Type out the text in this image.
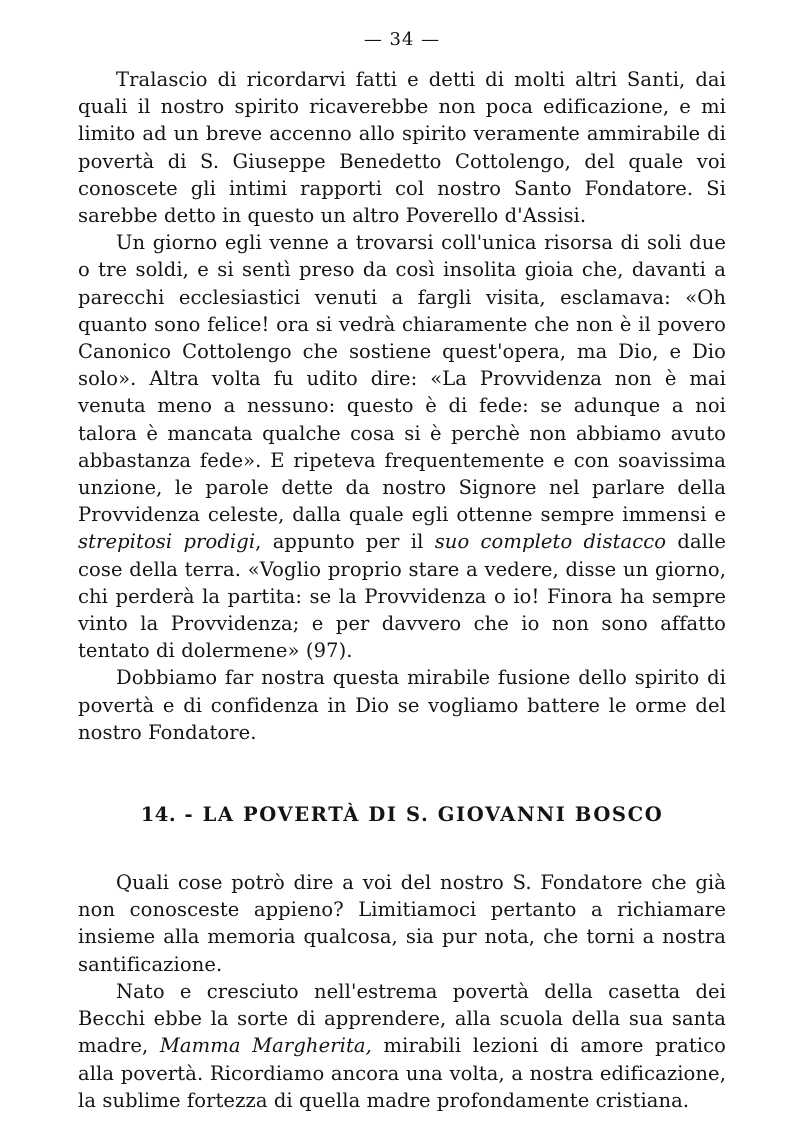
— 34 —

Tralascio di ricordarvi fatti e detti di molti altri Santi, dai quali il nostro spirito ricaverebbe non poca edificazione, e mi limito ad un breve accenno allo spirito veramente ammirabile di povertà di S. Giuseppe Benedetto Cottolengo, del quale voi conoscete gli intimi rapporti col nostro Santo Fondatore. Si sarebbe detto in questo un altro Poverello d'Assisi.

Un giorno egli venne a trovarsi coll'unica risorsa di soli due o tre soldi, e si sentì preso da così insolita gioia che, davanti a parecchi ecclesiastici venuti a fargli visita, esclamava: «Oh quanto sono felice! ora si vedrà chiaramente che non è il povero Canonico Cottolengo che sostiene quest'opera, ma Dio, e Dio solo». Altra volta fu udito dire: «La Provvidenza non è mai venuta meno a nessuno: questo è di fede: se adunque a noi talora è mancata qualche cosa si è perchè non abbiamo avuto abbastanza fede». E ripeteva frequentemente e con soavissima unzione, le parole dette da nostro Signore nel parlare della Provvidenza celeste, dalla quale egli ottenne sempre immensi e strepitosi prodigi, appunto per il suo completo distacco dalle cose della terra. «Voglio proprio stare a vedere, disse un giorno, chi perderà la partita: se la Provvidenza o io! Finora ha sempre vinto la Provvidenza; e per davvero che io non sono affatto tentato di dolermene» (97).

Dobbiamo far nostra questa mirabile fusione dello spirito di povertà e di confidenza in Dio se vogliamo battere le orme del nostro Fondatore.

14. - LA POVERTÀ DI S. GIOVANNI BOSCO

Quali cose potrò dire a voi del nostro S. Fondatore che già non conosceste appieno? Limitiamoci pertanto a richiamare insieme alla memoria qualcosa, sia pur nota, che torni a nostra santificazione.

Nato e cresciuto nell'estrema povertà della casetta dei Becchi ebbe la sorte di apprendere, alla scuola della sua santa madre, Mamma Margherita, mirabili lezioni di amore pratico alla povertà. Ricordiamo ancora una volta, a nostra edificazione, la sublime fortezza di quella madre profondamente cristiana.
